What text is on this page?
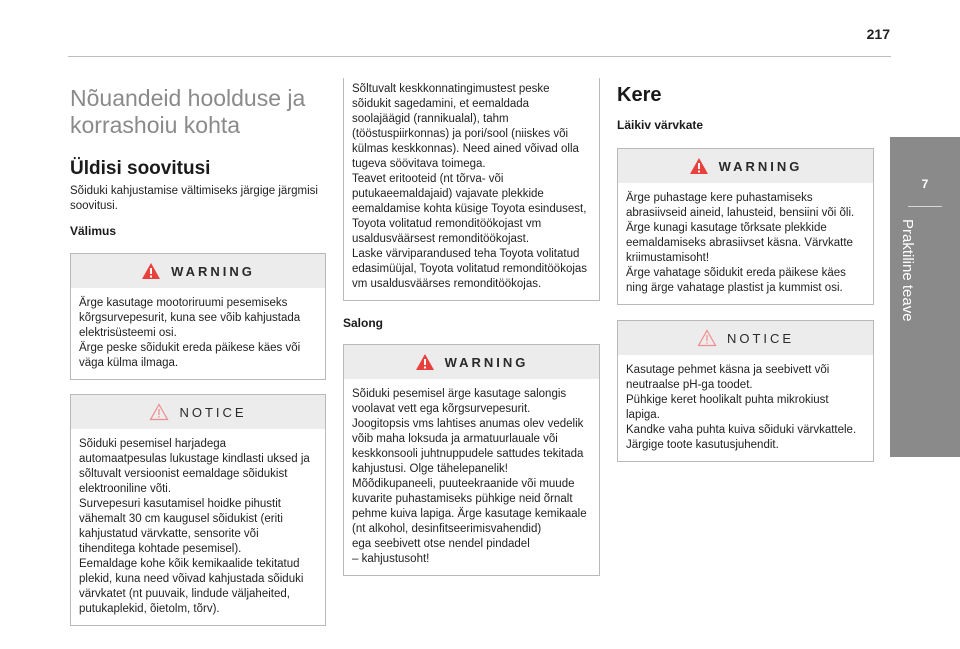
217
Nõuandeid hoolduse ja
korrashoiu kohta
Üldisi soovitusi
Sõiduki kahjustamise vältimiseks järgige järgmisi
soovitusi.
Välimus
WARNING
Ärge kasutage mootoriruumi pesemiseks
kõrgsurvepesurit, kuna see võib kahjustada
elektrisüsteemi osi.
Ärge peske sõidukit ereda päikese käes või
väga külma ilmaga.
NOTICE
Sõiduki pesemisel harjadega
automaatpesulas lukustage kindlasti uksed ja
sõltuvalt versioonist eemaldage sõidukist
elektrooniline võti.
Survepesuri kasutamisel hoidke pihustit
vähemalt 30 cm kaugusel sõidukist (eriti
kahjustatud värvkatte, sensorite või
tihenditega kohtade pesemisel).
Eemaldage kohe kõik kemikaalide tekitatud
plekid, kuna need võivad kahjustada sõiduki
värvkatet (nt puuvaik, lindude väljaheited,
putukaplekid, õietolm, tõrv).
Sõltuvalt keskkonnatingimustest peske
sõidukit sagedamini, et eemaldada
soolajäägid (rannikualal), tahm
(tööstuspiirkonnas) ja pori/sool (niiskes või
külmas keskkonnas). Need ained võivad olla
tugeva söövitava toimega.
Teavet eritooteid (nt tõrva- või
putukaeemaldajaid) vajavate plekkide
eemaldamise kohta küsige Toyota esindusest,
Toyota volitatud remonditöökojast vm
usaldusväärsest remonditöökojast.
Laske värviparandused teha Toyota volitatud
edasimüüjal, Toyota volitatud remonditöökojas
vm usaldusväärses remonditöökojas.
Salong
WARNING
Sõiduki pesemisel ärge kasutage salongis
voolavat vett ega kõrgsurvepesurit.
Joogitopsis vms lahtises anumas olev vedelik
võib maha loksuda ja armatuurlauale või
keskkonsooli juhtnuppudele sattudes tekitada
kahjustusi. Olge tähelepanelik!
Mõõdikupaneeli, puuteekraanide või muude
kuvarite puhastamiseks pühkige neid õrnalt
pehme kuiva lapiga. Ärge kasutage kemikaale
(nt alkohol, desinfitseerimisvahendid)
ega seebivett otse nendel pindadel
– kahjustusoht!
Kere
Läikiv värvkate
WARNING
Ärge puhastage kere puhastamiseks
abrasiivseid aineid, lahusteid, bensiini või õli.
Ärge kunagi kasutage tõrksate plekkide
eemaldamiseks abrasiivset käsna. Värvkatte
kriimustamisoht!
Ärge vahatage sõidukit ereda päikese käes
ning ärge vahatage plastist ja kummist osi.
NOTICE
Kasutage pehmet käsna ja seebivett või
neutraalse pH-ga toodet.
Pühkige keret hoolikalt puhta mikrokiust
lapiga.
Kandke vaha puhta kuiva sõiduki värvkattele.
Järgige toote kasutusjuhendit.
7
Praktiline teave
